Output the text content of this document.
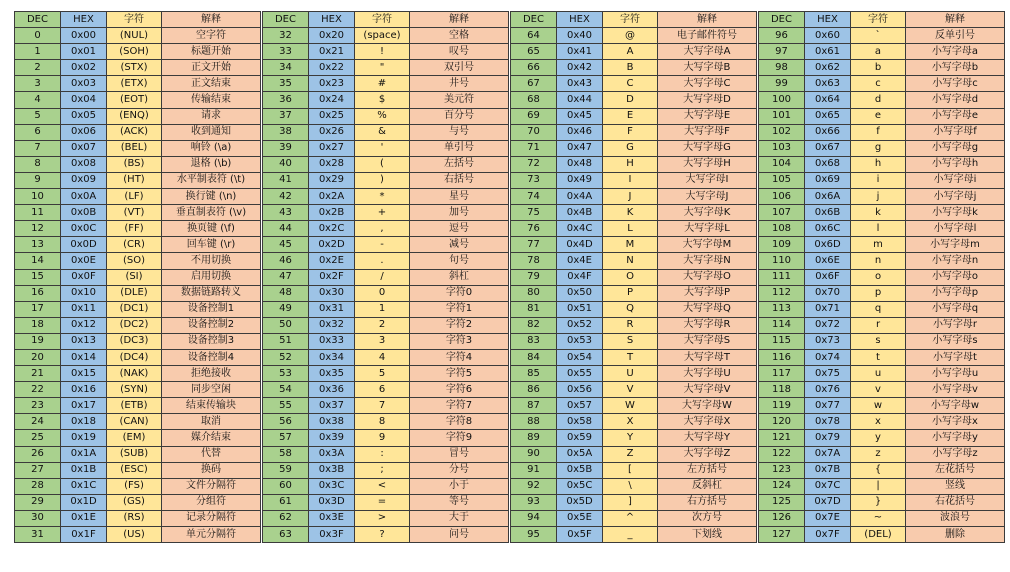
DEC	HEX	字符	解释
0	0x00	(NUL)	空字符
1	0x01	(SOH)	标题开始
2	0x02	(STX)	正文开始
3	0x03	(ETX)	正文结束
4	0x04	(EOT)	传输结束
5	0x05	(ENQ)	请求
6	0x06	(ACK)	收到通知
7	0x07	(BEL)	响铃 (\a)
8	0x08	(BS)	退格 (\b)
9	0x09	(HT)	水平制表符 (\t)
10	0x0A	(LF)	换行键 (\n)
11	0x0B	(VT)	垂直制表符 (\v)
12	0x0C	(FF)	换页键 (\f)
13	0x0D	(CR)	回车键 (\r)
14	0x0E	(SO)	不用切换
15	0x0F	(SI)	启用切换
16	0x10	(DLE)	数据链路转义
17	0x11	(DC1)	设备控制1
18	0x12	(DC2)	设备控制2
19	0x13	(DC3)	设备控制3
20	0x14	(DC4)	设备控制4
21	0x15	(NAK)	拒绝接收
22	0x16	(SYN)	同步空闲
23	0x17	(ETB)	结束传输块
24	0x18	(CAN)	取消
25	0x19	(EM)	媒介结束
26	0x1A	(SUB)	代替
27	0x1B	(ESC)	换码
28	0x1C	(FS)	文件分隔符
29	0x1D	(GS)	分组符
30	0x1E	(RS)	记录分隔符
31	0x1F	(US)	单元分隔符
DEC	HEX	字符	解释
32	0x20	(space)	空格
33	0x21	!	叹号
34	0x22	"	双引号
35	0x23	#	井号
36	0x24	$	美元符
37	0x25	%	百分号
38	0x26	&	与号
39	0x27	'	单引号
40	0x28	(	左括号
41	0x29	)	右括号
42	0x2A	*	星号
43	0x2B	+	加号
44	0x2C	,	逗号
45	0x2D	-	减号
46	0x2E	.	句号
47	0x2F	/	斜杠
48	0x30	0	字符0
49	0x31	1	字符1
50	0x32	2	字符2
51	0x33	3	字符3
52	0x34	4	字符4
53	0x35	5	字符5
54	0x36	6	字符6
55	0x37	7	字符7
56	0x38	8	字符8
57	0x39	9	字符9
58	0x3A	:	冒号
59	0x3B	;	分号
60	0x3C	<	小于
61	0x3D	=	等号
62	0x3E	>	大于
63	0x3F	?	问号
DEC	HEX	字符	解释
64	0x40	@	电子邮件符号
65	0x41	A	大写字母A
66	0x42	B	大写字母B
67	0x43	C	大写字母C
68	0x44	D	大写字母D
69	0x45	E	大写字母E
70	0x46	F	大写字母F
71	0x47	G	大写字母G
72	0x48	H	大写字母H
73	0x49	I	大写字母I
74	0x4A	J	大写字母J
75	0x4B	K	大写字母K
76	0x4C	L	大写字母L
77	0x4D	M	大写字母M
78	0x4E	N	大写字母N
79	0x4F	O	大写字母O
80	0x50	P	大写字母P
81	0x51	Q	大写字母Q
82	0x52	R	大写字母R
83	0x53	S	大写字母S
84	0x54	T	大写字母T
85	0x55	U	大写字母U
86	0x56	V	大写字母V
87	0x57	W	大写字母W
88	0x58	X	大写字母X
89	0x59	Y	大写字母Y
90	0x5A	Z	大写字母Z
91	0x5B	[	左方括号
92	0x5C	\	反斜杠
93	0x5D	]	右方括号
94	0x5E	^	次方号
95	0x5F	_	下划线
DEC	HEX	字符	解释
96	0x60	`	反单引号
97	0x61	a	小写字母a
98	0x62	b	小写字母b
99	0x63	c	小写字母c
100	0x64	d	小写字母d
101	0x65	e	小写字母e
102	0x66	f	小写字母f
103	0x67	g	小写字母g
104	0x68	h	小写字母h
105	0x69	i	小写字母i
106	0x6A	j	小写字母j
107	0x6B	k	小写字母k
108	0x6C	l	小写字母l
109	0x6D	m	小写字母m
110	0x6E	n	小写字母n
111	0x6F	o	小写字母o
112	0x70	p	小写字母p
113	0x71	q	小写字母q
114	0x72	r	小写字母r
115	0x73	s	小写字母s
116	0x74	t	小写字母t
117	0x75	u	小写字母u
118	0x76	v	小写字母v
119	0x77	w	小写字母w
120	0x78	x	小写字母x
121	0x79	y	小写字母y
122	0x7A	z	小写字母z
123	0x7B	{	左花括号
124	0x7C	|	竖线
125	0x7D	}	右花括号
126	0x7E	~	波浪号
127	0x7F	(DEL)	删除
